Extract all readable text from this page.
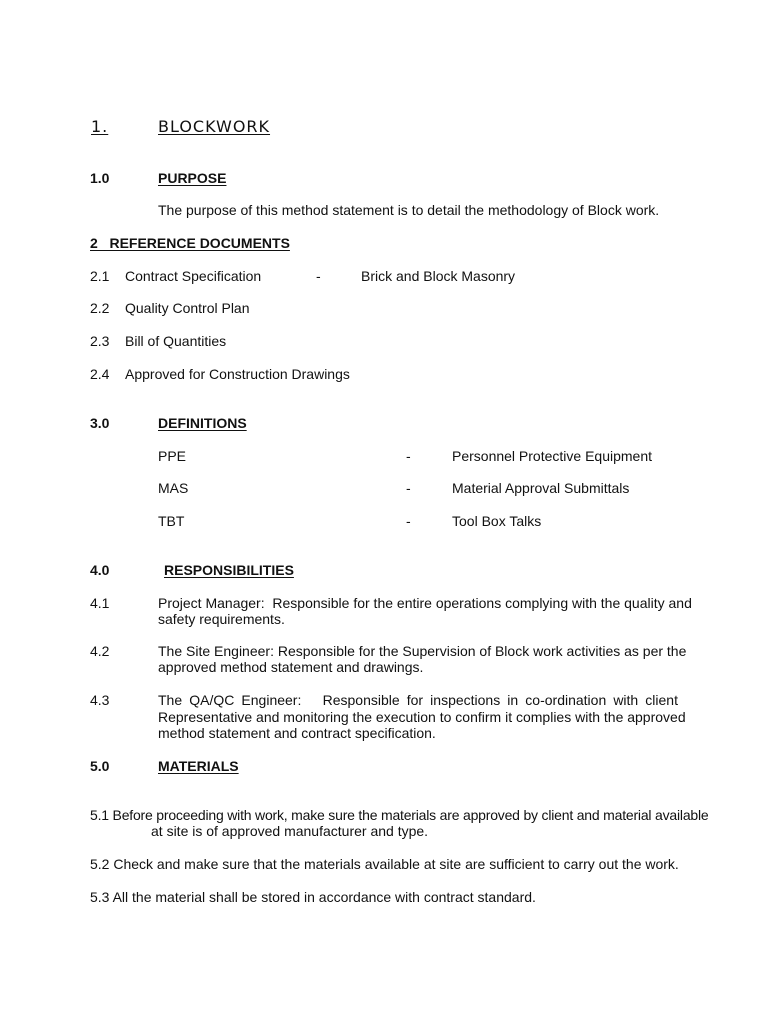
1.	BLOCKWORK
1.0	PURPOSE
The purpose of this method statement is to detail the methodology of Block work.
2   REFERENCE DOCUMENTS
2.1 Contract Specification	-	Brick and Block Masonry
2.2 Quality Control Plan
2.3 Bill of Quantities
2.4 Approved for Construction Drawings
3.0	DEFINITIONS
PPE	-	Personnel Protective Equipment
MAS	-	Material Approval Submittals
TBT	-	Tool Box Talks
4.0	RESPONSIBILITIES
4.1	Project Manager:  Responsible for the entire operations complying with the quality and
safety requirements.
4.2	The Site Engineer: Responsible for the Supervision of Block work activities as per the
approved method statement and drawings.
4.3	The QA/QC Engineer:   Responsible for inspections in co-ordination with client
Representative and monitoring the execution to confirm it complies with the approved
method statement and contract specification.
5.0	MATERIALS
5.1 Before proceeding with work, make sure the materials are approved by client and material available
at site is of approved manufacturer and type.
5.2 Check and make sure that the materials available at site are sufficient to carry out the work.
5.3 All the material shall be stored in accordance with contract standard.
